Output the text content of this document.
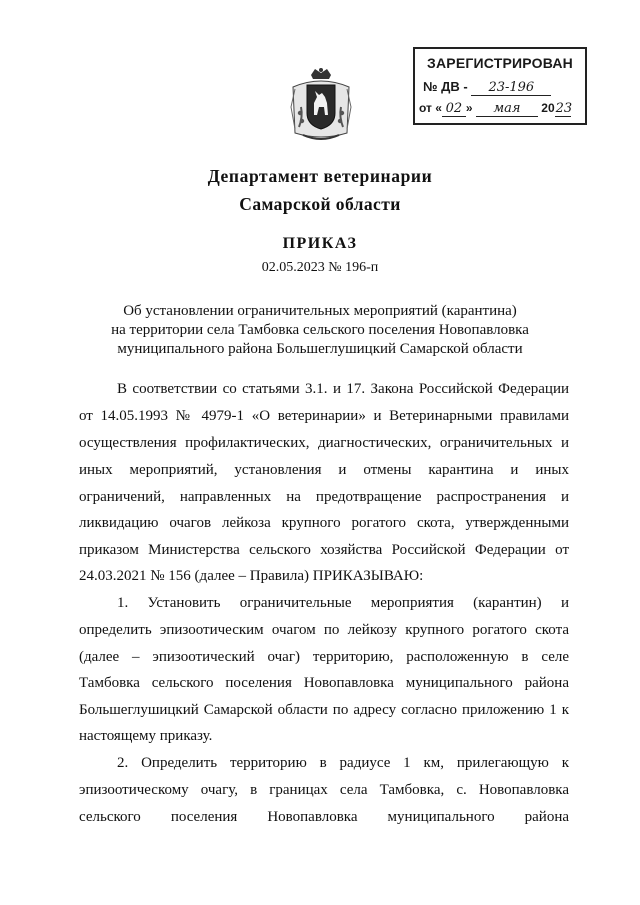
ЗАРЕГИСТРИРОВАН
№ ДВ - 23-196
от « 02 » мая 2023
Департамент ветеринарии
Самарской области
ПРИКАЗ
02.05.2023 № 196-п
Об установлении ограничительных мероприятий (карантина)
на территории села Тамбовка сельского поселения Новопавловка
муниципального района Большеглушицкий Самарской области
В соответствии со статьями 3.1. и 17. Закона Российской Федерации
от 14.05.1993 № 4979-1 «О ветеринарии» и Ветеринарными правилами
осуществления профилактических, диагностических, ограничительных и
иных мероприятий, установления и отмены карантина и иных
ограничений, направленных на предотвращение распространения и
ликвидацию очагов лейкоза крупного рогатого скота, утвержденными
приказом Министерства сельского хозяйства Российской Федерации от
24.03.2021 № 156 (далее – Правила) ПРИКАЗЫВАЮ:
1. Установить ограничительные мероприятия (карантин) и
определить эпизоотическим очагом по лейкозу крупного рогатого скота
(далее – эпизоотический очаг) территорию, расположенную в селе
Тамбовка сельского поселения Новопавловка муниципального района
Большеглушицкий Самарской области по адресу согласно приложению 1 к
настоящему приказу.
2. Определить территорию в радиусе 1 км, прилегающую к
эпизоотическому очагу, в границах села Тамбовка, с. Новопавловка
сельского поселения Новопавловка муниципального района
